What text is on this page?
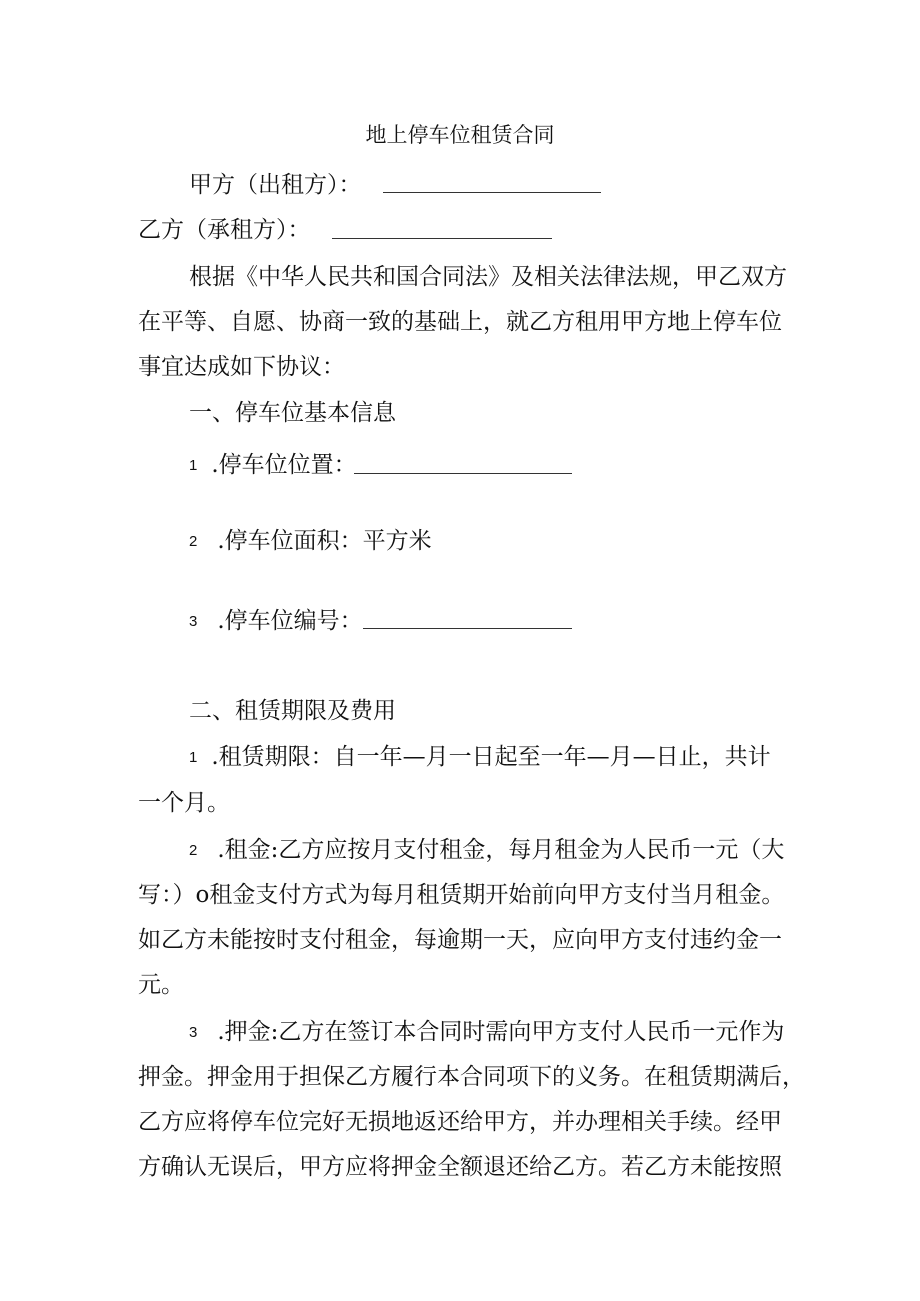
地上停车位租赁合同
甲方（出租方）：
乙方（承租方）：
根据《中华人民共和国合同法》及相关法律法规，甲乙双方
在平等、自愿、协商一致的基础上，就乙方租用甲方地上停车位
事宜达成如下协议：
一、停车位基本信息
1 .停车位位置：
2 .停车位面积：平方米
3 .停车位编号：
二、租赁期限及费用
1 .租赁期限：自一年—月一日起至一年—月—日止，共计
一个月。
2 .租金:乙方应按月支付租金，每月租金为人民币一元（大
写：）o租金支付方式为每月租赁期开始前向甲方支付当月租金。
如乙方未能按时支付租金，每逾期一天，应向甲方支付违约金一
元。
3 .押金:乙方在签订本合同时需向甲方支付人民币一元作为
押金。押金用于担保乙方履行本合同项下的义务。在租赁期满后，
乙方应将停车位完好无损地返还给甲方，并办理相关手续。经甲
方确认无误后，甲方应将押金全额退还给乙方。若乙方未能按照
